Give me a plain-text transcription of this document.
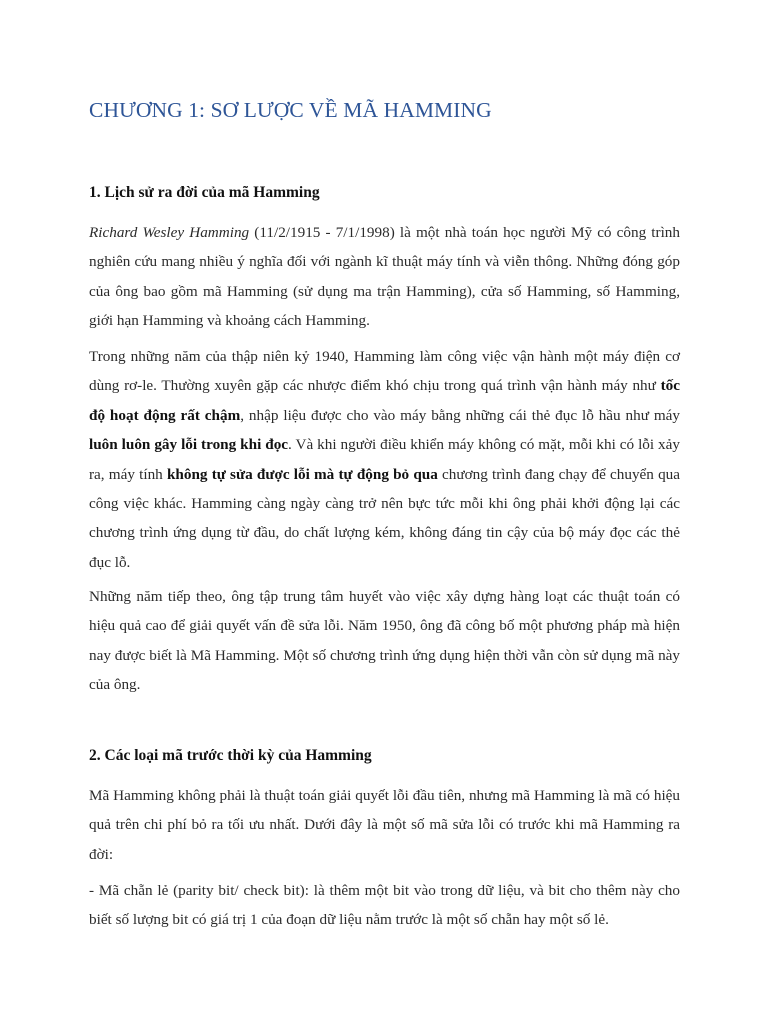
CHƯƠNG 1: SƠ LƯỢC VỀ MÃ HAMMING
1. Lịch sử ra đời của mã Hamming

Richard Wesley Hamming (11/2/1915 - 7/1/1998) là một nhà toán học người Mỹ có công trình nghiên cứu mang nhiều ý nghĩa đối với ngành kĩ thuật máy tính và viễn thông. Những đóng góp của ông bao gồm mã Hamming (sử dụng ma trận Hamming), cửa số Hamming, số Hamming, giới hạn Hamming và khoảng cách Hamming.

Trong những năm của thập niên kỷ 1940, Hamming làm công việc vận hành một máy điện cơ dùng rơ-le. Thường xuyên gặp các nhược điểm khó chịu trong quá trình vận hành máy như tốc độ hoạt động rất chậm, nhập liệu được cho vào máy bằng những cái thẻ đục lỗ hầu như máy luôn luôn gây lỗi trong khi đọc. Và khi người điều khiển máy không có mặt, mỗi khi có lỗi xảy ra, máy tính không tự sửa được lỗi mà tự động bỏ qua chương trình đang chạy để chuyển qua công việc khác. Hamming càng ngày càng trở nên bực tức mỗi khi ông phải khởi động lại các chương trình ứng dụng từ đầu, do chất lượng kém, không đáng tin cậy của bộ máy đọc các thẻ đục lỗ.

Những năm tiếp theo, ông tập trung tâm huyết vào việc xây dựng hàng loạt các thuật toán có hiệu quả cao để giải quyết vấn đề sửa lỗi. Năm 1950, ông đã công bố một phương pháp mà hiện nay được biết là Mã Hamming. Một số chương trình ứng dụng hiện thời vẫn còn sử dụng mã này của ông.

2. Các loại mã trước thời kỳ của Hamming

Mã Hamming không phải là thuật toán giải quyết lỗi đầu tiên, nhưng mã Hamming là mã có hiệu quả trên chi phí bỏ ra tối ưu nhất. Dưới đây là một số mã sửa lỗi có trước khi mã Hamming ra đời:

- Mã chẵn lẻ (parity bit/ check bit): là thêm một bit vào trong dữ liệu, và bit cho thêm này cho biết số lượng bit có giá trị 1 của đoạn dữ liệu nằm trước là một số chẵn hay một số lẻ.
